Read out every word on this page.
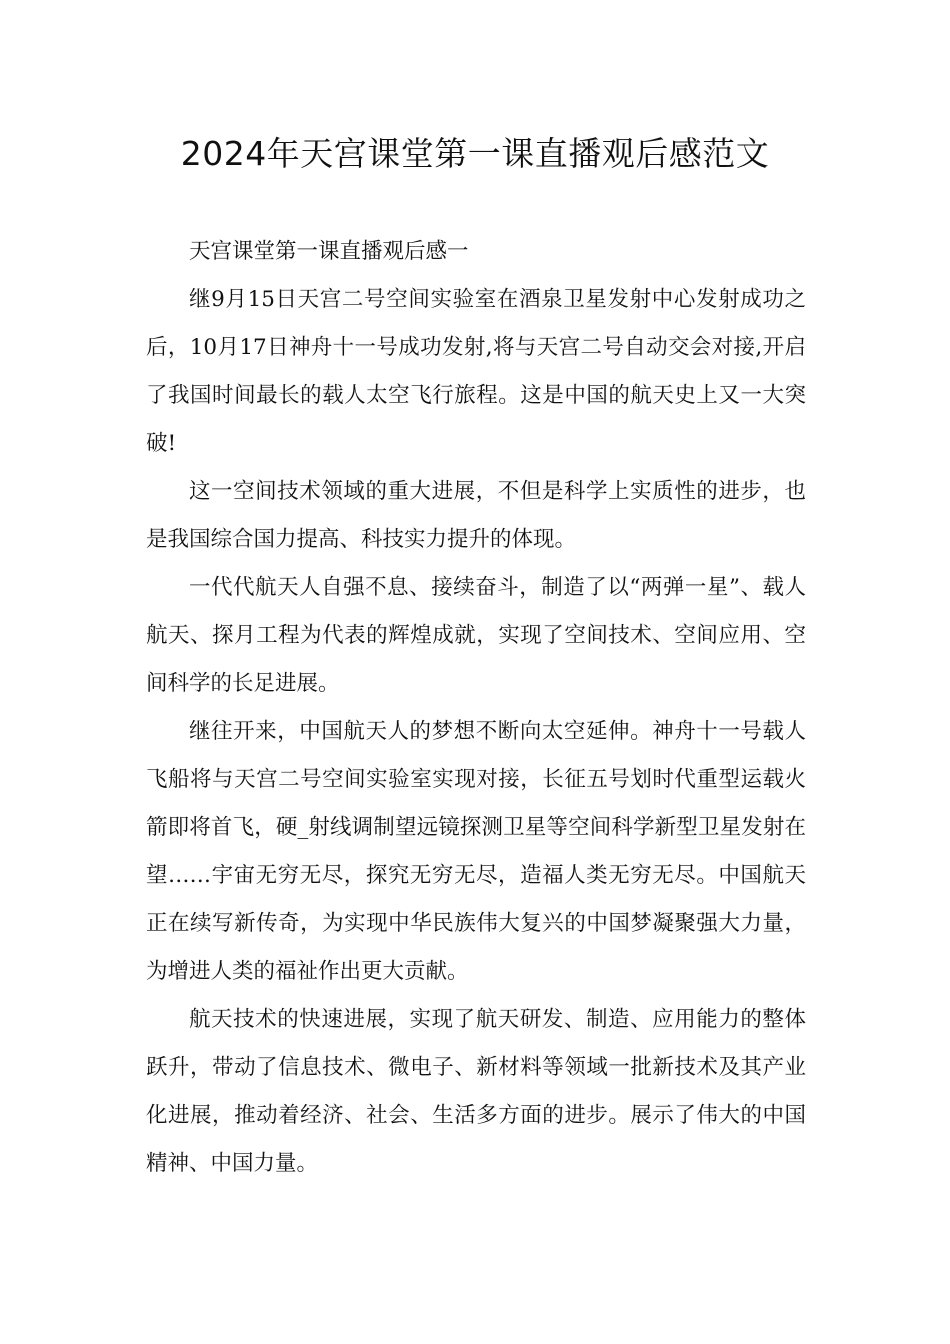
2024年天宫课堂第一课直播观后感范文

天宫课堂第一课直播观后感一

继9月15日天宫二号空间实验室在酒泉卫星发射中心发射成功之后，10月17日神舟十一号成功发射,将与天宫二号自动交会对接,开启了我国时间最长的载人太空飞行旅程。这是中国的航天史上又一大突破!

这一空间技术领域的重大进展，不但是科学上实质性的进步，也是我国综合国力提高、科技实力提升的体现。

一代代航天人自强不息、接续奋斗，制造了以“两弹一星”、载人航天、探月工程为代表的辉煌成就，实现了空间技术、空间应用、空间科学的长足进展。

继往开来，中国航天人的梦想不断向太空延伸。神舟十一号载人飞船将与天宫二号空间实验室实现对接，长征五号划时代重型运载火箭即将首飞，硬_射线调制望远镜探测卫星等空间科学新型卫星发射在望……宇宙无穷无尽，探究无穷无尽，造福人类无穷无尽。中国航天正在续写新传奇，为实现中华民族伟大复兴的中国梦凝聚强大力量，为增进人类的福祉作出更大贡献。

航天技术的快速进展，实现了航天研发、制造、应用能力的整体跃升，带动了信息技术、微电子、新材料等领域一批新技术及其产业化进展，推动着经济、社会、生活多方面的进步。展示了伟大的中国精神、中国力量。
